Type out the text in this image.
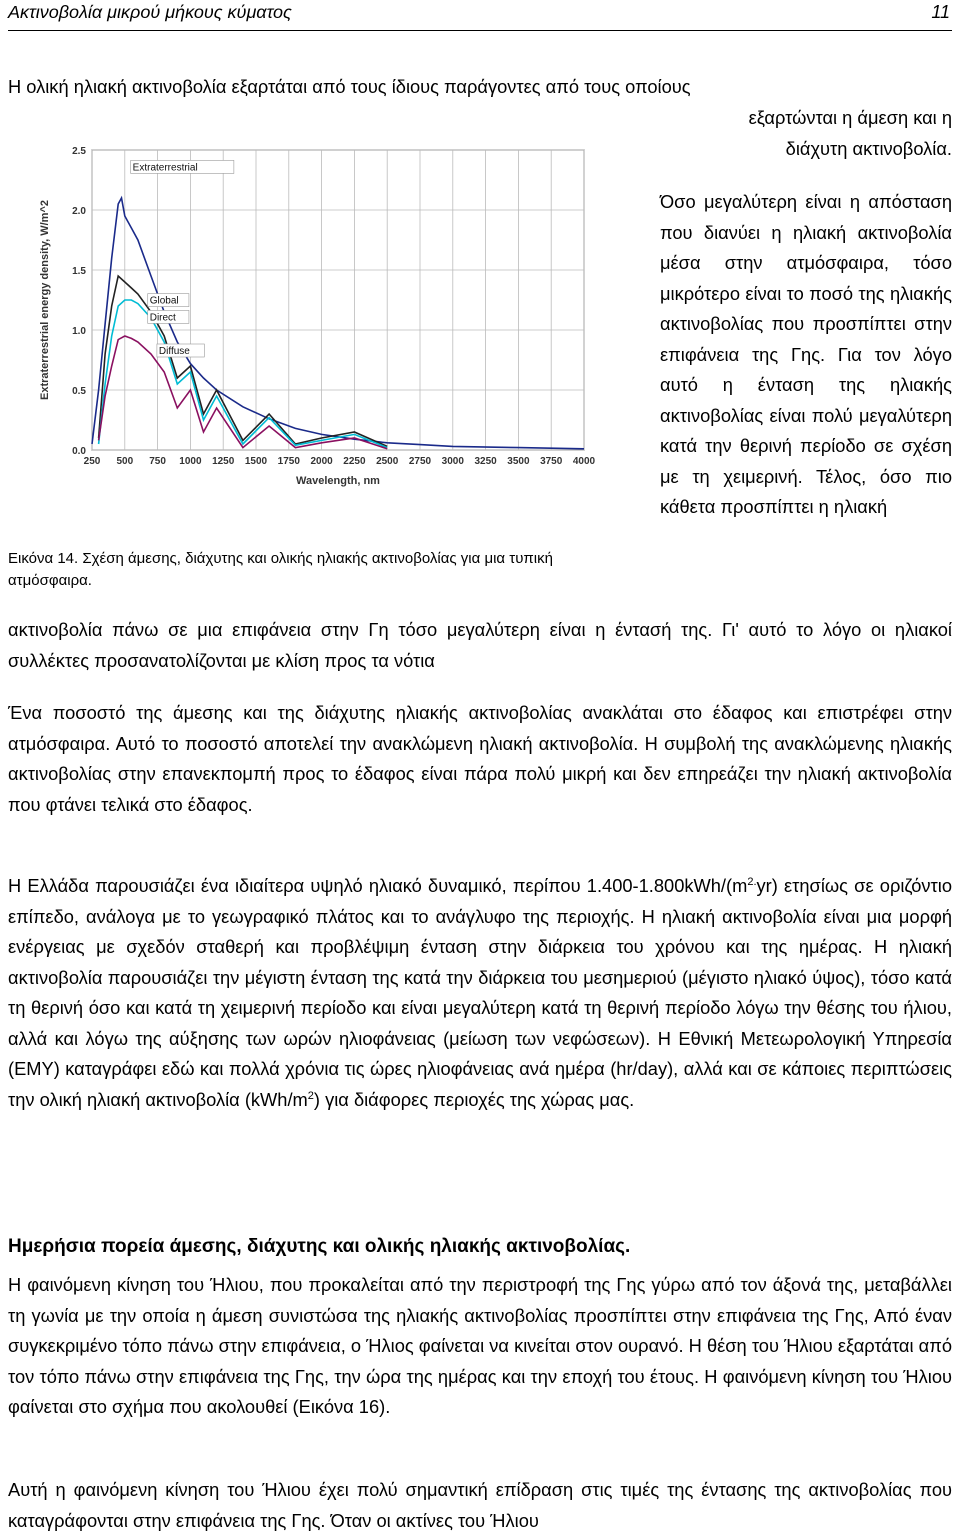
Ακτινοβολία μικρού μήκους κύματος	11

Η ολική ηλιακή ακτινοβολία εξαρτάται από τους ίδιους παράγοντες από τους οποίους

εξαρτώνται η άμεση και η

διάχυτη ακτινοβολία.

0.0
0.5
1.0
1.5
2.0
2.5
250 500 750 1000 1250 1500 1750 2000 2250 2500 2750 3000 3250 3500 3750 4000
Wavelength, nm
Extraterrestrial energy density, W/m^2
Extraterrestrial
Global
Direct
Diffuse

Εικόνα 14. Σχέση άμεσης, διάχυτης και ολικής ηλιακής ακτινοβολίας για μια τυπική ατμόσφαιρα.

Όσο μεγαλύτερη είναι η απόσταση που διανύει η ηλιακή ακτινοβολία μέσα στην ατμόσφαιρα, τόσο μικρότερο είναι το ποσό της ηλιακής ακτινοβολίας που προσπίπτει στην επιφάνεια της Γης. Για τον λόγο αυτό η ένταση της ηλιακής ακτινοβολίας είναι πολύ μεγαλύτερη κατά την θερινή περίοδο σε σχέση με τη χειμερινή. Τέλος, όσο πιο κάθετα προσπίπτει η ηλιακή

ακτινοβολία πάνω σε μια επιφάνεια στην Γη τόσο μεγαλύτερη είναι η έντασή της. Γι' αυτό το λόγο οι ηλιακοί συλλέκτες προσανατολίζονται με κλίση προς τα νότια

Ένα ποσοστό της άμεσης και της διάχυτης ηλιακής ακτινοβολίας ανακλάται στο έδαφος και επιστρέφει στην ατμόσφαιρα. Αυτό το ποσοστό αποτελεί την ανακλώμενη ηλιακή ακτινοβολία. Η συμβολή της ανακλώμενης ηλιακής ακτινοβολίας στην επανεκπομπή προς το έδαφος είναι πάρα πολύ μικρή και δεν επηρεάζει την ηλιακή ακτινοβολία που φτάνει τελικά στο έδαφος.

Η Ελλάδα παρουσιάζει ένα ιδιαίτερα υψηλό ηλιακό δυναμικό, περίπου $1.400-1.800kWh/(m^{2.}yr)$ ετησίως σε οριζόντιο επίπεδο, ανάλογα με το γεωγραφικό πλάτος και το ανάγλυφο της περιοχής. Η ηλιακή ακτινοβολία είναι μια μορφή ενέργειας με σχεδόν σταθερή και προβλέψιμη ένταση στην διάρκεια του χρόνου και της ημέρας. Η ηλιακή ακτινοβολία παρουσιάζει την μέγιστη ένταση της κατά την διάρκεια του μεσημεριού (μέγιστο ηλιακό ύψος), τόσο κατά τη θερινή όσο και κατά τη χειμερινή περίοδο και είναι μεγαλύτερη κατά τη θερινή περίοδο λόγω την θέσης του ήλιου, αλλά και λόγω της αύξησης των ωρών ηλιοφάνειας (μείωση των νεφώσεων). Η Εθνική Μετεωρολογική Υπηρεσία (ΕΜΥ) καταγράφει εδώ και πολλά χρόνια τις ώρες ηλιοφάνειας ανά ημέρα (hr/day), αλλά και σε κάποιες περιπτώσεις την ολική ηλιακή ακτινοβολία $(kWh/m^2)$ για διάφορες περιοχές της χώρας μας.

Ημερήσια πορεία άμεσης, διάχυτης και ολικής ηλιακής ακτινοβολίας.

Η φαινόμενη κίνηση του Ήλιου, που προκαλείται από την περιστροφή της Γης γύρω από τον άξονά της, μεταβάλλει τη γωνία με την οποία η άμεση συνιστώσα της ηλιακής ακτινοβολίας προσπίπτει στην επιφάνεια της Γης, Από έναν συγκεκριμένο τόπο πάνω στην επιφάνεια, ο Ήλιος φαίνεται να κινείται στον ουρανό. Η θέση του Ήλιου εξαρτάται από τον τόπο πάνω στην επιφάνεια της Γης, την ώρα της ημέρας και την εποχή του έτους. Η φαινόμενη κίνηση του Ήλιου φαίνεται στο σχήμα που ακολουθεί (Εικόνα 16).

Αυτή η φαινόμενη κίνηση του Ήλιου έχει πολύ σημαντική επίδραση στις τιμές της έντασης της ακτινοβολίας που καταγράφονται στην επιφάνεια της Γης. Όταν οι ακτίνες του Ήλιου
